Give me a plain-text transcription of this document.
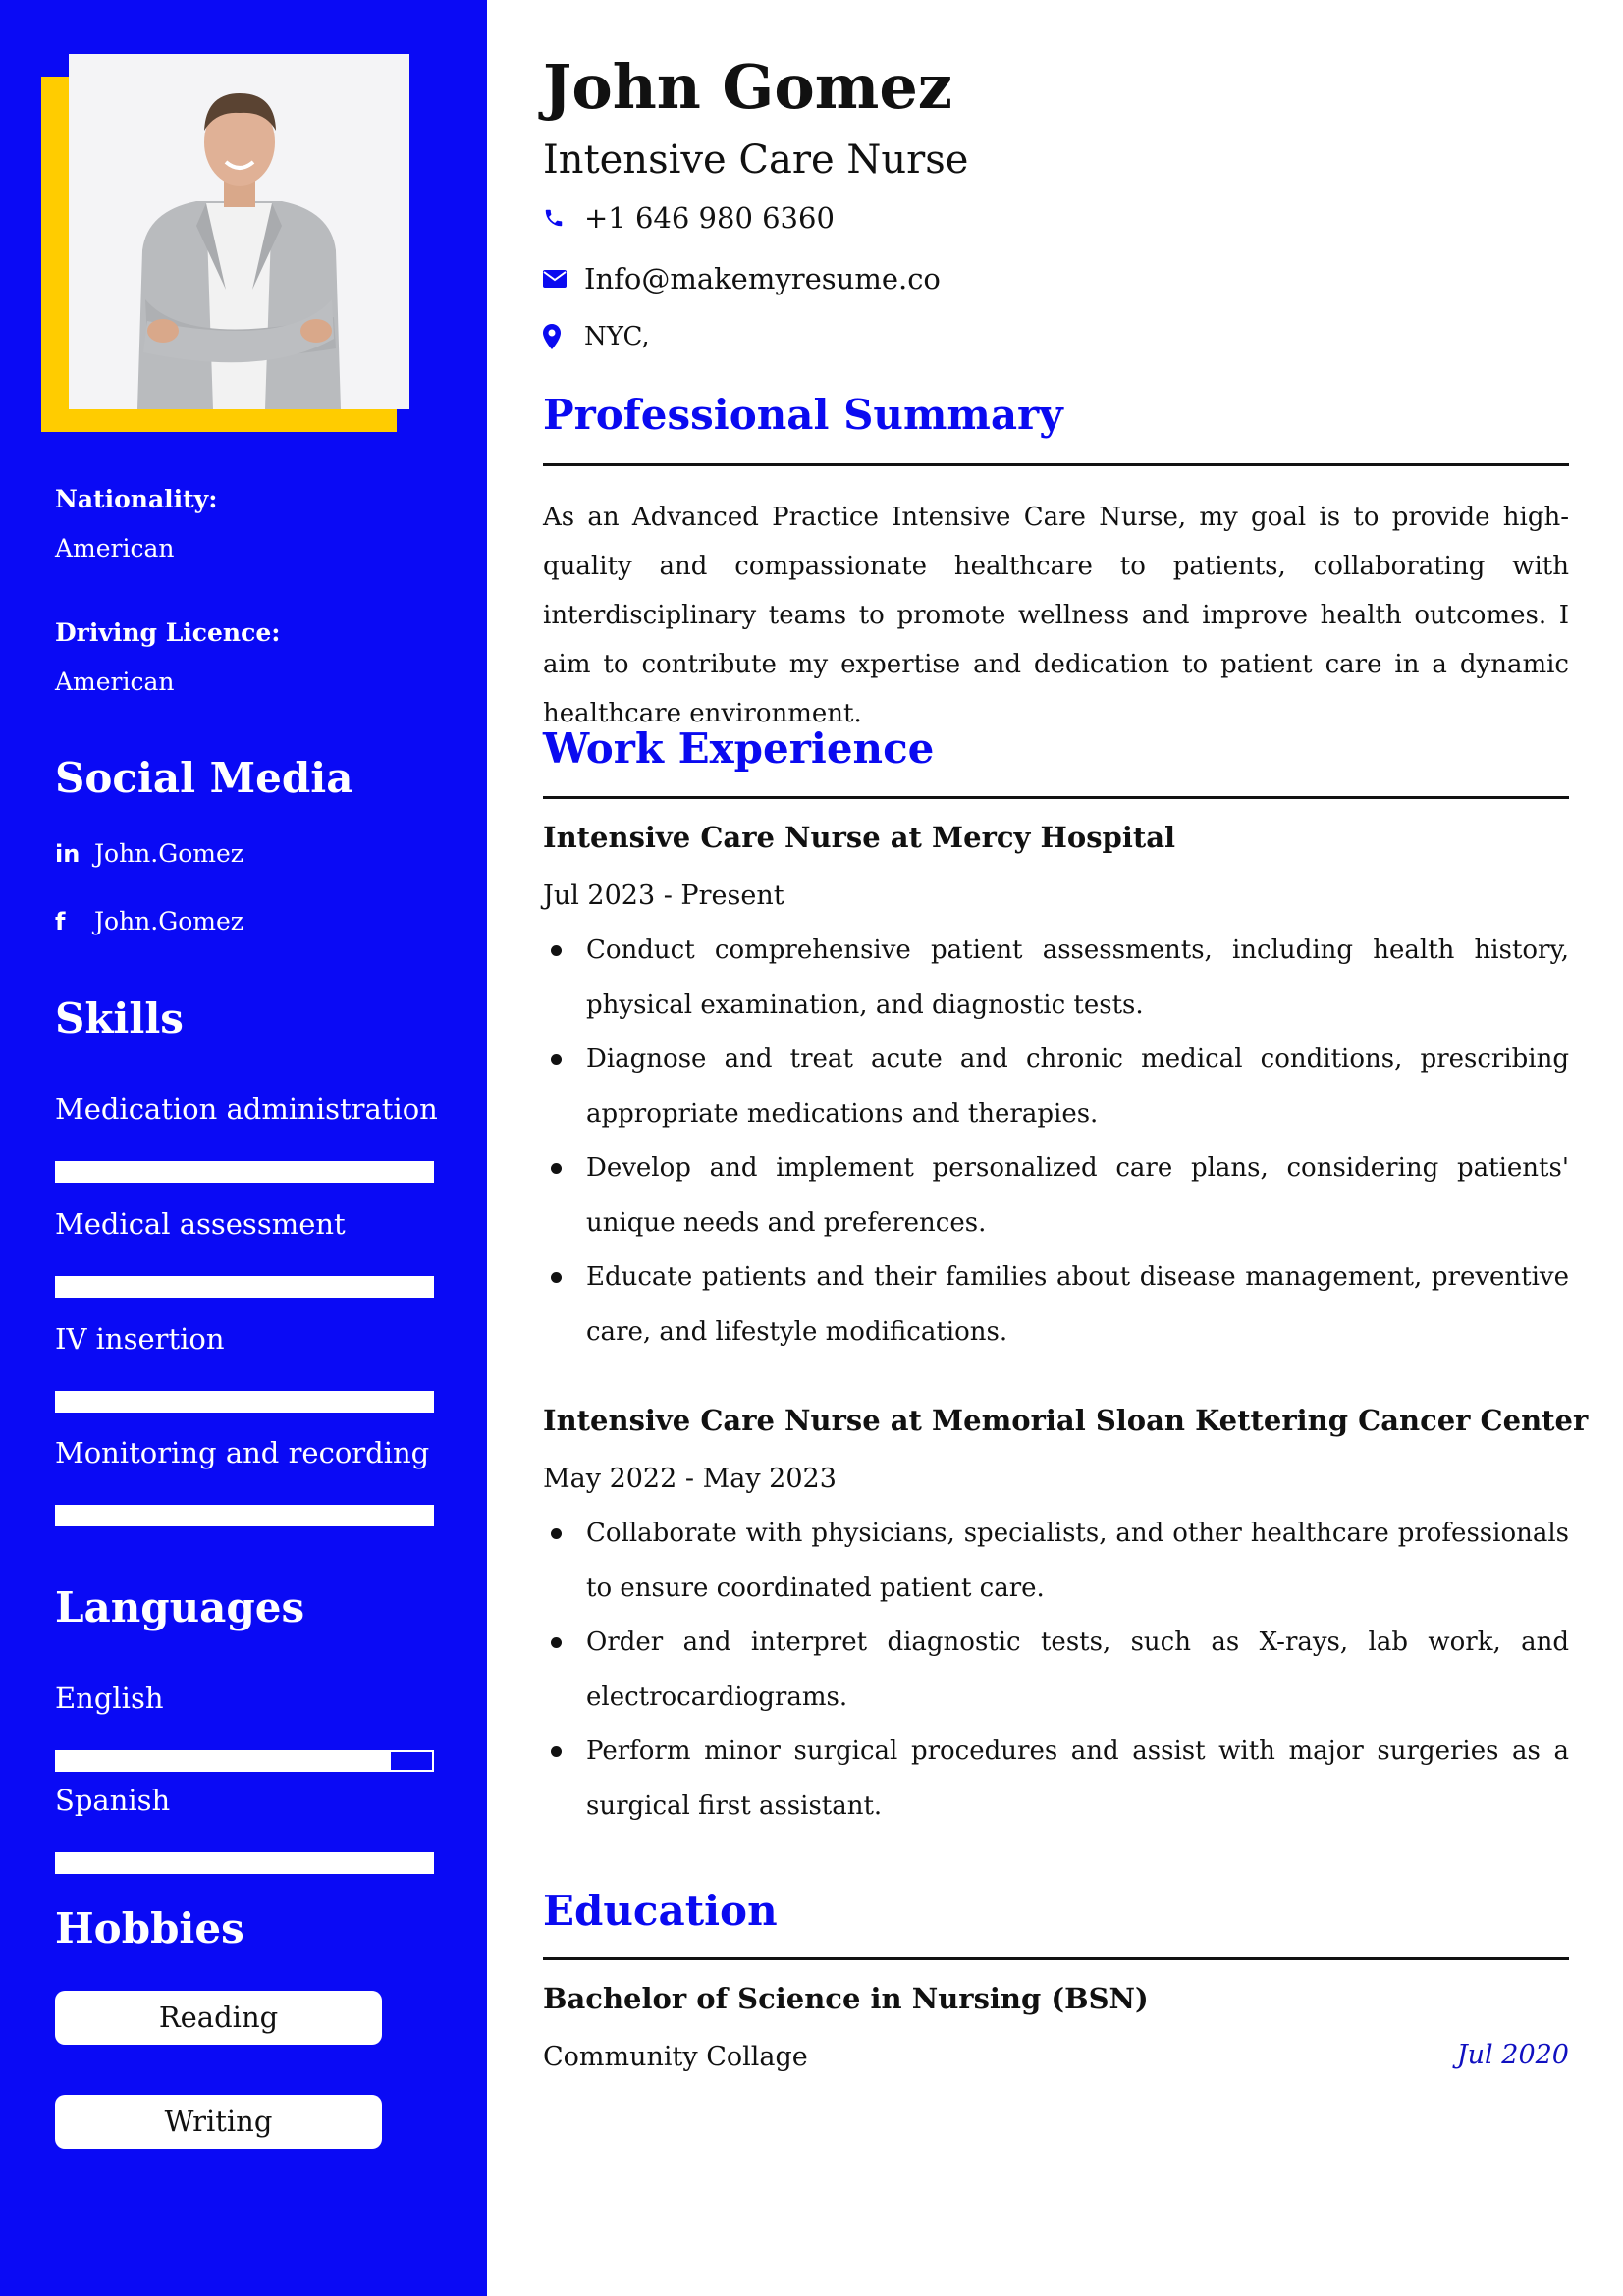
Nationality:
American
Driving Licence:
American
Social Media
in John.Gomez
f	John.Gomez
Skills
Medication administration
Medical assessment
IV insertion
Monitoring and recording
Languages
English
Spanish
Hobbies
Reading
Writing
John Gomez
Intensive Care Nurse
+1 646 980 6360
Info@makemyresume.co
NYC,
Professional Summary

As an Advanced Practice Intensive Care Nurse, my goal is to provide high-quality and compassionate healthcare to patients, collaborating with interdisciplinary teams to promote wellness and improve health outcomes. I aim to contribute my expertise and dedication to patient care in a dynamic healthcare environment.

Work Experience
Intensive Care Nurse at Mercy Hospital
Jul 2023 - Present
Conduct comprehensive patient assessments, including health history, physical examination, and diagnostic tests.
Diagnose and treat acute and chronic medical conditions, prescribing appropriate medications and therapies.
Develop and implement personalized care plans, considering patients' unique needs and preferences.
Educate patients and their families about disease management, preventive care, and lifestyle modifications.
Intensive Care Nurse at Memorial Sloan Kettering Cancer Center
May 2022 - May 2023
Collaborate with physicians, specialists, and other healthcare professionals to ensure coordinated patient care.
Order and interpret diagnostic tests, such as X-rays, lab work, and electrocardiograms.
Perform minor surgical procedures and assist with major surgeries as a surgical first assistant.
Education
Bachelor of Science in Nursing (BSN)
Community Collage	Jul 2020
